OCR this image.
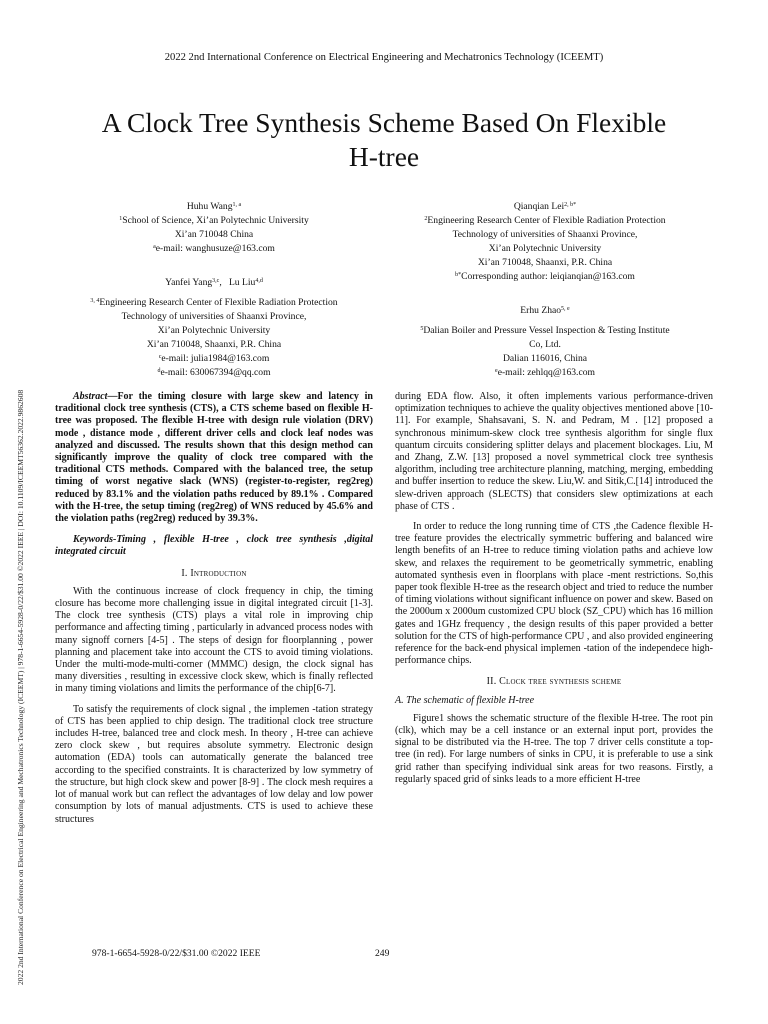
2022 2nd International Conference on Electrical Engineering and Mechatronics Technology (ICEEMT) | 978-1-6654-5928-0/22/$31.00 ©2022 IEEE | DOI: 10.1109/ICEEMT56362.2022.9862608
2022 2nd International Conference on Electrical Engineering and Mechatronics Technology (ICEEMT)
A Clock Tree Synthesis Scheme Based On Flexible
H-tree

Huhu Wang$^{1, a}$

$^1$School of Science, Xi’an Polytechnic University

Xi’an 710048 China

$^a$e-mail: wanghusuze@163.com

Yanfei Yang$^{3,c}$,   Lu Liu$^{4,d}$

$^{3, 4}$Engineering Research Center of Flexible Radiation Protection

Technology of universities of Shaanxi Province,

Xi’an Polytechnic University

Xi’an 710048, Shaanxi, P.R. China

$^c$e-mail: julia1984@163.com

$^d$e-mail: 630067394@qq.com

Qianqian Lei$^{2, b*}$

$^2$Engineering Research Center of Flexible Radiation Protection

Technology of universities of Shaanxi Province,

Xi’an Polytechnic University

Xi’an 710048, Shaanxi, P.R. China

$^{b*}$Corresponding author: leiqianqian@163.com

Erhu Zhao$^{5, e}$

$^5$Dalian Boiler and Pressure Vessel Inspection & Testing Institute

Co, Ltd.

Dalian 116016, China

$^e$e-mail: zehlqq@163.com

Abstract—For the timing closure with large skew and latency in traditional clock tree synthesis (CTS), a CTS scheme based on flexible H-tree was proposed. The flexible H-tree with design rule violation (DRV) mode , distance mode , different driver cells and clock leaf nodes was analyzed and discussed. The results shown that this design method can significantly improve the quality of clock tree compared with the traditional CTS methods. Compared with the balanced tree, the setup timing of worst negative slack (WNS) (register-to-register, reg2reg) reduced by 83.1% and the violation paths reduced by 89.1% . Compared with the H-tree, the setup timing (reg2reg) of WNS reduced by 45.6% and the violation paths (reg2reg) reduced by 39.3%.

Keywords-Timing , flexible H-tree , clock tree synthesis ,digital integrated circuit

I. Introduction

With the continuous increase of clock frequency in chip, the timing closure has become more challenging issue in digital integrated circuit [1-3]. The clock tree synthesis (CTS) plays a vital role in improving chip performance and affecting timing , particularly in advanced process nodes with many signoff corners [4-5] . The steps of design for floorplanning , power planning and placement take into account the CTS to avoid timing violations. Under the multi-mode-multi-corner (MMMC) design, the clock signal has many diversities , resulting in excessive clock skew, which is finally reflected in many timing violations and limits the performance of the chip[6-7].

To satisfy the requirements of clock signal , the implemen -tation strategy of CTS has been applied to chip design. The traditional clock tree structure includes H-tree, balanced tree and clock mesh. In theory , H-tree can achieve zero clock skew , but requires absolute symmetry. Electronic design automation (EDA) tools can automatically generate the balanced tree according to the specified constraints. It is characterized by low symmetry of the structure, but high clock skew and power [8-9] . The clock mesh requires a lot of manual work but can reflect the advantages of low delay and low power consumption by lots of manual adjustments. CTS is used to achieve these structures

during EDA flow. Also, it often implements various performance-driven optimization techniques to achieve the quality objectives mentioned above [10-11]. For example, Shahsavani, S. N. and Pedram, M . [12] proposed a synchronous minimum-skew clock tree synthesis algorithm for single flux quantum circuits considering splitter delays and placement blockages. Liu, M and Zhang, Z.W. [13] proposed a novel symmetrical clock tree synthesis algorithm, including tree architecture planning, matching, merging, embedding and buffer insertion to reduce the skew. Liu,W. and Sitik,C.[14] introduced the slew-driven approach (SLECTS) that considers slew optimizations at each phase of CTS .

In order to reduce the long running time of CTS ,the Cadence flexible H-tree feature provides the electrically symmetric buffering and balanced wire length benefits of an H-tree to reduce timing violation paths and achieve low skew, and relaxes the requirement to be geometrically symmetric, enabling automated synthesis even in floorplans with place -ment restrictions. So,this paper took flexible H-tree as the research object and tried to reduce the number of timing violations without significant influence on power and skew. Based on the 2000um x 2000um customized CPU block (SZ_CPU) which has 16 million gates and 1GHz frequency , the design results of this paper provided a better solution for the CTS of high-performance CPU , and also provided engineering reference for the back-end physical implemen -tation of the independece high-performance chips.

II. Clock tree synthesis scheme

A. The schematic of flexible H-tree

Figure1 shows the schematic structure of the flexible H-tree. The root pin (clk), which may be a cell instance or an external input port, provides the signal to be distributed via the H-tree. The top 7 driver cells constitute a top-tree (in red). For large numbers of sinks in CPU, it is preferable to use a sink grid rather than specifying individual sink areas for two reasons. Firstly, a regularly spaced grid of sinks leads to a more efficient H-tree

978-1-6654-5928-0/22/$31.00 ©2022 IEEE	249
